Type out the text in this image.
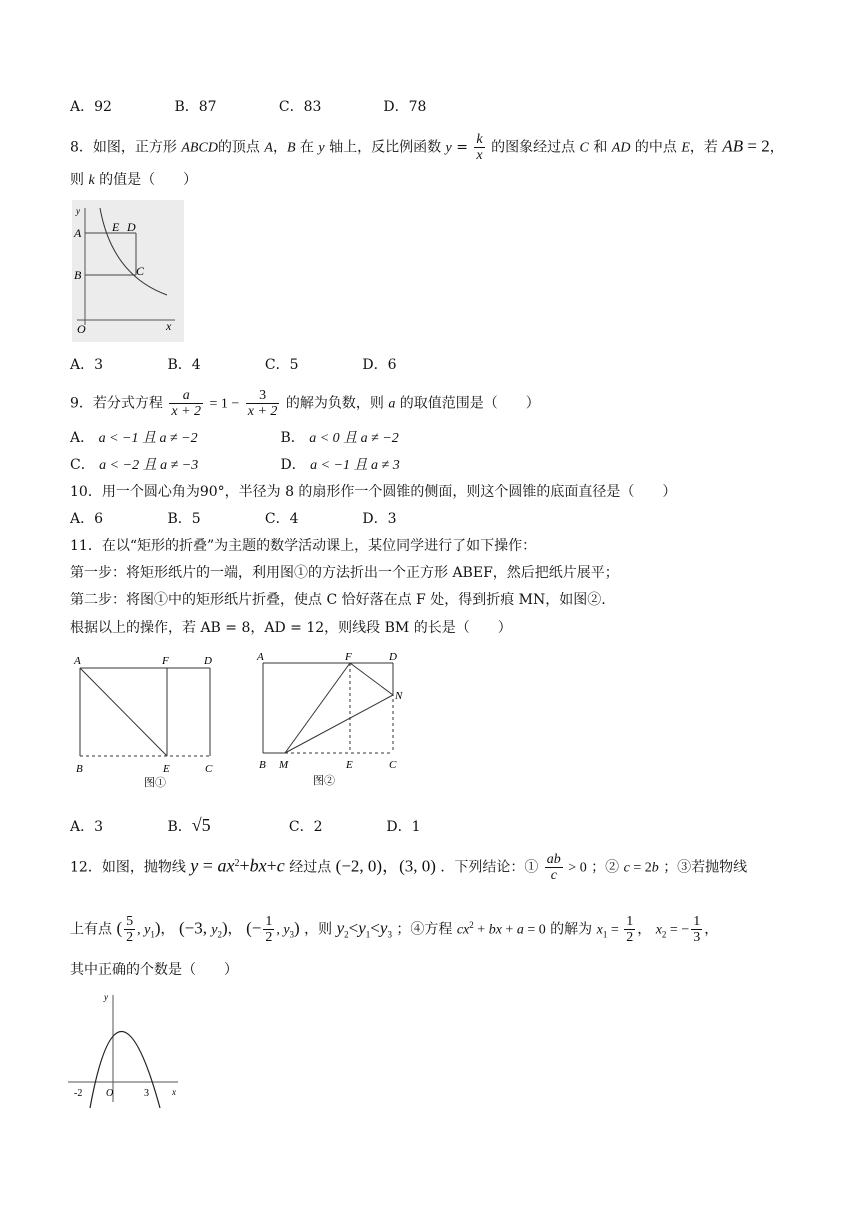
A．92	B．87	C．83	D．78
8．如图，正方形 ABCD的顶点 A，B 在 y 轴上，反比例函数 $y = \frac{k}{x}$ 的图象经过点 C 和 AD 的中点 E，若 AB = 2，
则 k 的值是（　　）
y
A	E D
B	C
O	x
A．3	B．4	C．5	D．6
9．若分式方程 $\frac{a}{x + 2} = 1 - \frac{3}{x + 2}$ 的解为负数，则 a 的取值范围是（　　）
A． a < −1 且 a ≠ −2	B． a < 0 且 a ≠ −2
C． a < −2 且 a ≠ −3	D． a < −1 且 a ≠ 3
10．用一个圆心角为90°，半径为 8 的扇形作一个圆锥的侧面，则这个圆锥的底面直径是（　　）
A．6	B．5	C．4	D．3
11．在以“矩形的折叠”为主题的数学活动课上，某位同学进行了如下操作：
第一步：将矩形纸片的一端，利用图①的方法折出一个正方形 ABEF，然后把纸片展平；
第二步：将图①中的矩形纸片折叠，使点 C 恰好落在点 F 处，得到折痕 MN，如图②.
根据以上的操作，若 AB = 8，AD = 12，则线段 BM 的长是（　　）
A	F	D
B	E	C
图①
A	F	D
N
B M	E	C
图②
A．3	B．√5	C．2	D．1
12．如图，抛物线 $y = ax^2+bx+c$ 经过点 (−2, 0)，(3, 0) ．下列结论：① $\frac{ab}{c} > 0$ ；② c = 2b ；③若抛物线
上有点 ( $\frac{5}{2}$ , $y_1$)， (−3, $y_2$)， (− $\frac{1}{2}$ , $y_3$) ，则 $y_2<y_1<y_3$ ；④方程 $cx^2$ + bx + a = 0 的解为 $x_1 = \frac{1}{2}$ ， $x_2$ = − $\frac{1}{3}$ ，
其中正确的个数是（　　）
y
-2 O	3	x
